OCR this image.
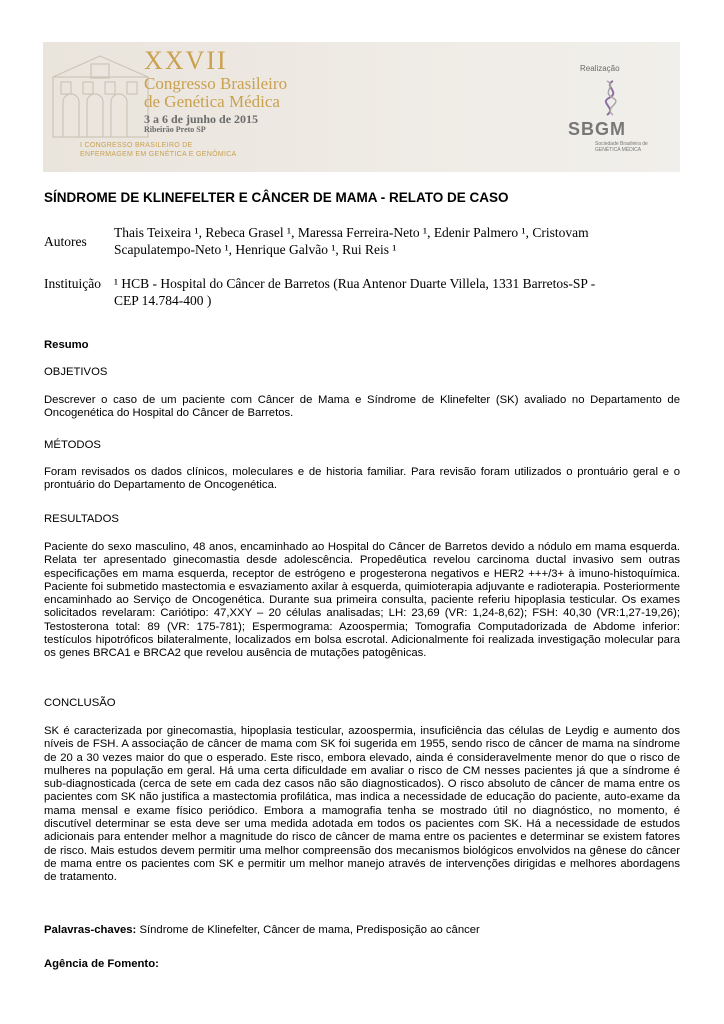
XXVII
Congresso Brasileiro
de Genética Médica
3 a 6 de junho de 2015
Ribeirão Preto SP
I CONGRESSO BRASILEIRO DE
ENFERMAGEM EM GENÉTICA E GENÔMICA
Realização
SBGM
Sociedade Brasileira de GENÉTICA MÉDICA
SÍNDROME DE KLINEFELTER E CÂNCER DE MAMA - RELATO DE CASO
Autores
Thais Teixeira ¹, Rebeca Grasel ¹, Maressa Ferreira-Neto ¹, Edenir Palmero ¹, Cristovam
Scapulatempo-Neto ¹, Henrique Galvão ¹, Rui Reis ¹
Instituição ¹ HCB - Hospital do Câncer de Barretos (Rua Antenor Duarte Villela, 1331 Barretos-SP -
CEP 14.784-400 )
Resumo
OBJETIVOS
Descrever o caso de um paciente com Câncer de Mama e Síndrome de Klinefelter (SK) avaliado no Departamento de Oncogenética do Hospital do Câncer de Barretos.
MÉTODOS
Foram revisados os dados clínicos, moleculares e de historia familiar. Para revisão foram utilizados o prontuário geral e o prontuário do Departamento de Oncogenética.
RESULTADOS
Paciente do sexo masculino, 48 anos, encaminhado ao Hospital do Câncer de Barretos devido a nódulo em mama esquerda. Relata ter apresentado ginecomastia desde adolescência. Propedêutica revelou carcinoma ductal invasivo sem outras especificações em mama esquerda, receptor de estrógeno e progesterona negativos e HER2 +++/3+ à imuno-histoquímica. Paciente foi submetido mastectomia e esvaziamento axilar à esquerda, quimioterapia adjuvante e radioterapia. Posteriormente encaminhado ao Serviço de Oncogenética. Durante sua primeira consulta, paciente referiu hipoplasia testicular. Os exames solicitados revelaram: Cariótipo: 47,XXY – 20 células analisadas; LH: 23,69 (VR: 1,24-8,62); FSH: 40,30 (VR:1,27-19,26); Testosterona total: 89 (VR: 175-781); Espermograma: Azoospermia; Tomografia Computadorizada de Abdome inferior: testículos hipotróficos bilateralmente, localizados em bolsa escrotal. Adicionalmente foi realizada investigação molecular para os genes BRCA1 e BRCA2 que revelou ausência de mutações patogênicas.
CONCLUSÃO
SK é caracterizada por ginecomastia, hipoplasia testicular, azoospermia, insuficiência das células de Leydig e aumento dos níveis de FSH. A associação de câncer de mama com SK foi sugerida em 1955, sendo risco de câncer de mama na síndrome de 20 a 30 vezes maior do que o esperado. Este risco, embora elevado, ainda é consideravelmente menor do que o risco de mulheres na população em geral. Há uma certa dificuldade em avaliar o risco de CM nesses pacientes já que a síndrome é sub-diagnosticada (cerca de sete em cada dez casos não são diagnosticados). O risco absoluto de câncer de mama entre os pacientes com SK não justifica a mastectomia profilática, mas indica a necessidade de educação do paciente, auto-exame da mama mensal e exame físico periódico. Embora a mamografia tenha se mostrado útil no diagnóstico, no momento, é discutível determinar se esta deve ser uma medida adotada em todos os pacientes com SK. Há a necessidade de estudos adicionais para entender melhor a magnitude do risco de câncer de mama entre os pacientes e determinar se existem fatores de risco. Mais estudos devem permitir uma melhor compreensão dos mecanismos biológicos envolvidos na gênese do câncer de mama entre os pacientes com SK e permitir um melhor manejo através de intervenções dirigidas e melhores abordagens de tratamento.
Palavras-chaves: Síndrome de Klinefelter, Câncer de mama, Predisposição ao câncer
Agência de Fomento:
